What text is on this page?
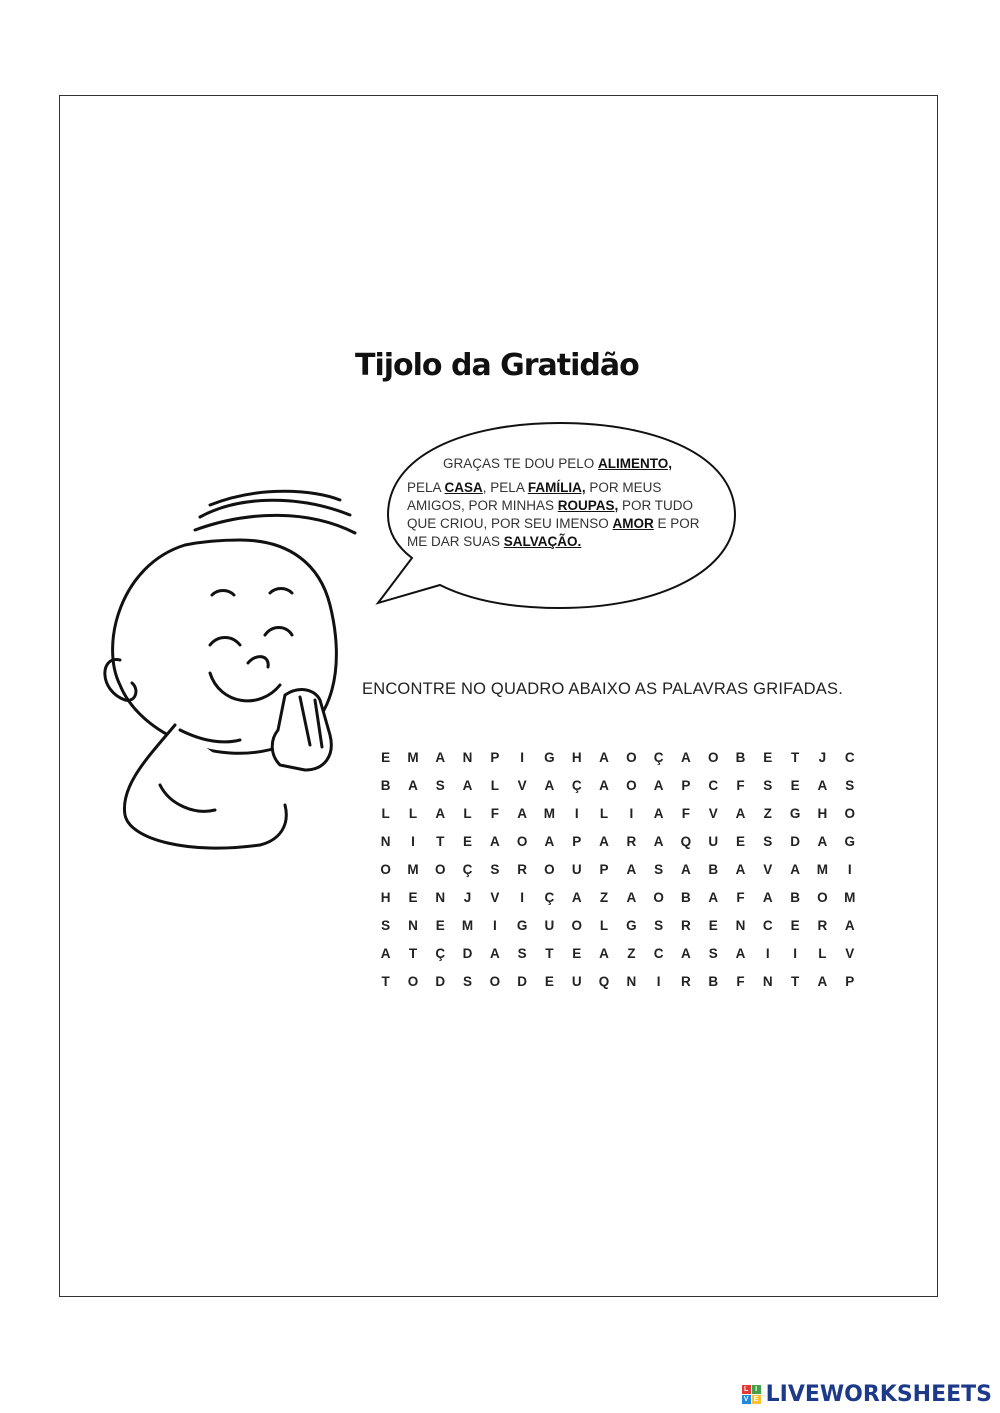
Tijolo da Gratidão
GRAÇAS TE DOU PELO ALIMENTO,
PELA CASA, PELA FAMÍLIA, POR MEUS AMIGOS, POR MINHAS ROUPAS, POR TUDO QUE CRIOU, POR SEU IMENSO AMOR E POR ME DAR SUAS SALVAÇÃO.
ENCONTRE NO QUADRO ABAIXO AS PALAVRAS GRIFADAS.
E	M	A	N	P	I	G	H	A	O	Ç	A	O	B	E	T	J	C
B	A	S	A	L	V	A	Ç	A	O	A	P	C	F	S	E	A	S
L	L	A	L	F	A	M	I	L	I	A	F	V	A	Z	G	H	O
N	I	T	E	A	O	A	P	A	R	A	Q	U	E	S	D	A	G
O	M	O	Ç	S	R	O	U	P	A	S	A	B	A	V	A	M	I
H	E	N	J	V	I	Ç	A	Z	A	O	B	A	F	A	B	O	M
S	N	E	M	I	G	U	O	L	G	S	R	E	N	C	E	R	A
A	T	Ç	D	A	S	T	E	A	Z	C	A	S	A	I	I	L	V
T	O	D	S	O	D	E	U	Q	N	I	R	B	F	N	T	A	P
L I
V E LIVEWORKSHEETS
